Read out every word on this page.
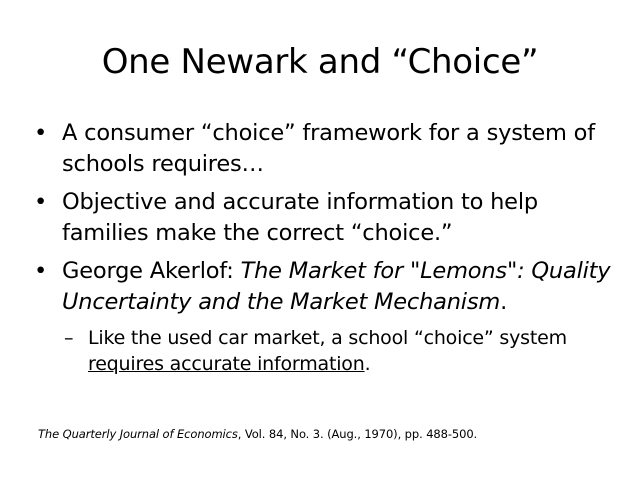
One Newark and “Choice”
• A consumer “choice” framework for a system of schools requires…
• Objective and accurate information to help families make the correct “choice.”
• George Akerlof: The Market for "Lemons": Quality Uncertainty and the Market Mechanism.
– Like the used car market, a school “choice” system requires accurate information.
The Quarterly Journal of Economics, Vol. 84, No. 3. (Aug., 1970), pp. 488-500.
